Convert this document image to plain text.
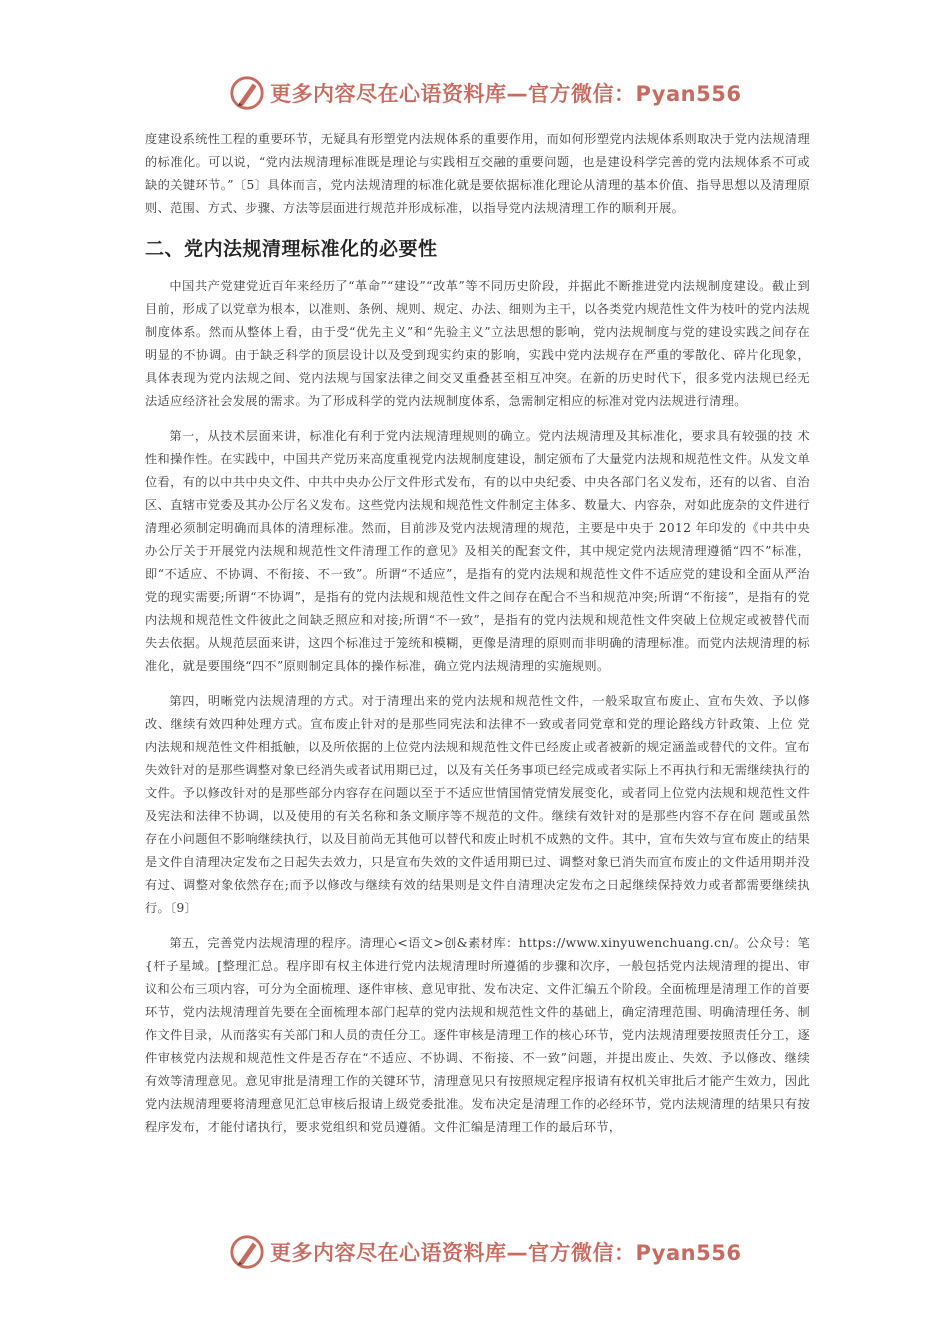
更多内容尽在心语资料库—官方微信：Pyan556

度建设系统性工程的重要环节，无疑具有形塑党内法规体系的重要作用，而如何形塑党内法规体系则取决于党内法规清理的标准化。可以说，“党内法规清理标准既是理论与实践相互交融的重要问题，也是建设科学完善的党内法规体系不可或缺的关键环节。”〔5〕具体而言，党内法规清理的标准化就是要依据标准化理论从清理的基本价值、指导思想以及清理原则、范围、方式、步骤、方法等层面进行规范并形成标准，以指导党内法规清理工作的顺利开展。

二、党内法规清理标准化的必要性

中国共产党建党近百年来经历了“革命”“建设”“改革”等不同历史阶段，并据此不断推进党内法规制度建设。截止到目前，形成了以党章为根本，以准则、条例、规则、规定、办法、细则为主干，以各类党内规范性文件为枝叶的党内法规制度体系。然而从整体上看，由于受“优先主义”和“先验主义”立法思想的影响，党内法规制度与党的建设实践之间存在明显的不协调。由于缺乏科学的顶层设计以及受到现实约束的影响，实践中党内法规存在严重的零散化、碎片化现象， 具体表现为党内法规之间、党内法规与国家法律之间交叉重叠甚至相互冲突。在新的历史时代下，很多党内法规已经无 法适应经济社会发展的需求。为了形成科学的党内法规制度体系，急需制定相应的标准对党内法规进行清理。

第一，从技术层面来讲，标准化有利于党内法规清理规则的确立。党内法规清理及其标准化，要求具有较强的技 术性和操作性。在实践中，中国共产党历来高度重视党内法规制度建设，制定颁布了大量党内法规和规范性文件。从发文单位看，有的以中共中央文件、中共中央办公厅文件形式发布，有的以中央纪委、中央各部门名义发布，还有的以省、自治区、直辖市党委及其办公厅名义发布。这些党内法规和规范性文件制定主体多、数量大、内容杂，对如此庞杂的文件进行清理必须制定明确而具体的清理标准。然而，目前涉及党内法规清理的规范，主要是中央于 2012 年印发的《中共中央办公厅关于开展党内法规和规范性文件清理工作的意见》及相关的配套文件，其中规定党内法规清理遵循“四不”标准，即“不适应、不协调、不衔接、不一致”。所谓“不适应”，是指有的党内法规和规范性文件不适应党的建设和全面从严治党的现实需要;所谓“不协调”，是指有的党内法规和规范性文件之间存在配合不当和规范冲突;所谓“不衔接”，是指有的党内法规和规范性文件彼此之间缺乏照应和对接;所谓“不一致”，是指有的党内法规和规范性文件突破上位规定或被替代而失去依据。从规范层面来讲，这四个标准过于笼统和模糊，更像是清理的原则而非明确的清理标准。而党内法规清理的标准化，就是要围绕“四不”原则制定具体的操作标准，确立党内法规清理的实施规则。

第四，明晰党内法规清理的方式。对于清理出来的党内法规和规范性文件，一般采取宣布废止、宣布失效、予以修改、继续有效四种处理方式。宣布废止针对的是那些同宪法和法律不一致或者同党章和党的理论路线方针政策、上位 党内法规和规范性文件相抵触，以及所依据的上位党内法规和规范性文件已经废止或者被新的规定涵盖或替代的文件。宣布失效针对的是那些调整对象已经消失或者试用期已过，以及有关任务事项已经完成或者实际上不再执行和无需继续执行的文件。予以修改针对的是那些部分内容存在问题以至于不适应世情国情党情发展变化，或者同上位党内法规和规范性文件及宪法和法律不协调，以及使用的有关名称和条文顺序等不规范的文件。继续有效针对的是那些内容不存在问 题或虽然存在小问题但不影响继续执行，以及目前尚无其他可以替代和废止时机不成熟的文件。其中，宣布失效与宣布废止的结果是文件自清理决定发布之日起失去效力，只是宣布失效的文件适用期已过、调整对象已消失而宣布废止的文件适用期并没有过、调整对象依然存在;而予以修改与继续有效的结果则是文件自清理决定发布之日起继续保持效力或者都需要继续执行。〔9〕

第五，完善党内法规清理的程序。清理心<语文>创&素材库：https://www.xinyuwenchuang.cn/。公众号：笔{杆子星域。[整理汇总。程序即有权主体进行党内法规清理时所遵循的步骤和次序，一般包括党内法规清理的提出、审议和公布三项内容，可分为全面梳理、逐件审核、意见审批、发布决定、文件汇编五个阶段。全面梳理是清理工作的首要环节，党内法规清理首先要在全面梳理本部门起草的党内法规和规范性文件的基础上，确定清理范围、明确清理任务、制作文件目录，从而落实有关部门和人员的责任分工。逐件审核是清理工作的核心环节，党内法规清理要按照责任分工，逐件审核党内法规和规范性文件是否存在“不适应、不协调、不衔接、不一致”问题，并提出废止、失效、予以修改、继续有效等清理意见。意见审批是清理工作的关键环节，清理意见只有按照规定程序报请有权机关审批后才能产生效力，因此党内法规清理要将清理意见汇总审核后报请上级党委批准。发布决定是清理工作的必经环节，党内法规清理的结果只有按程序发布，才能付诸执行，要求党组织和党员遵循。文件汇编是清理工作的最后环节，

更多内容尽在心语资料库—官方微信：Pyan556
